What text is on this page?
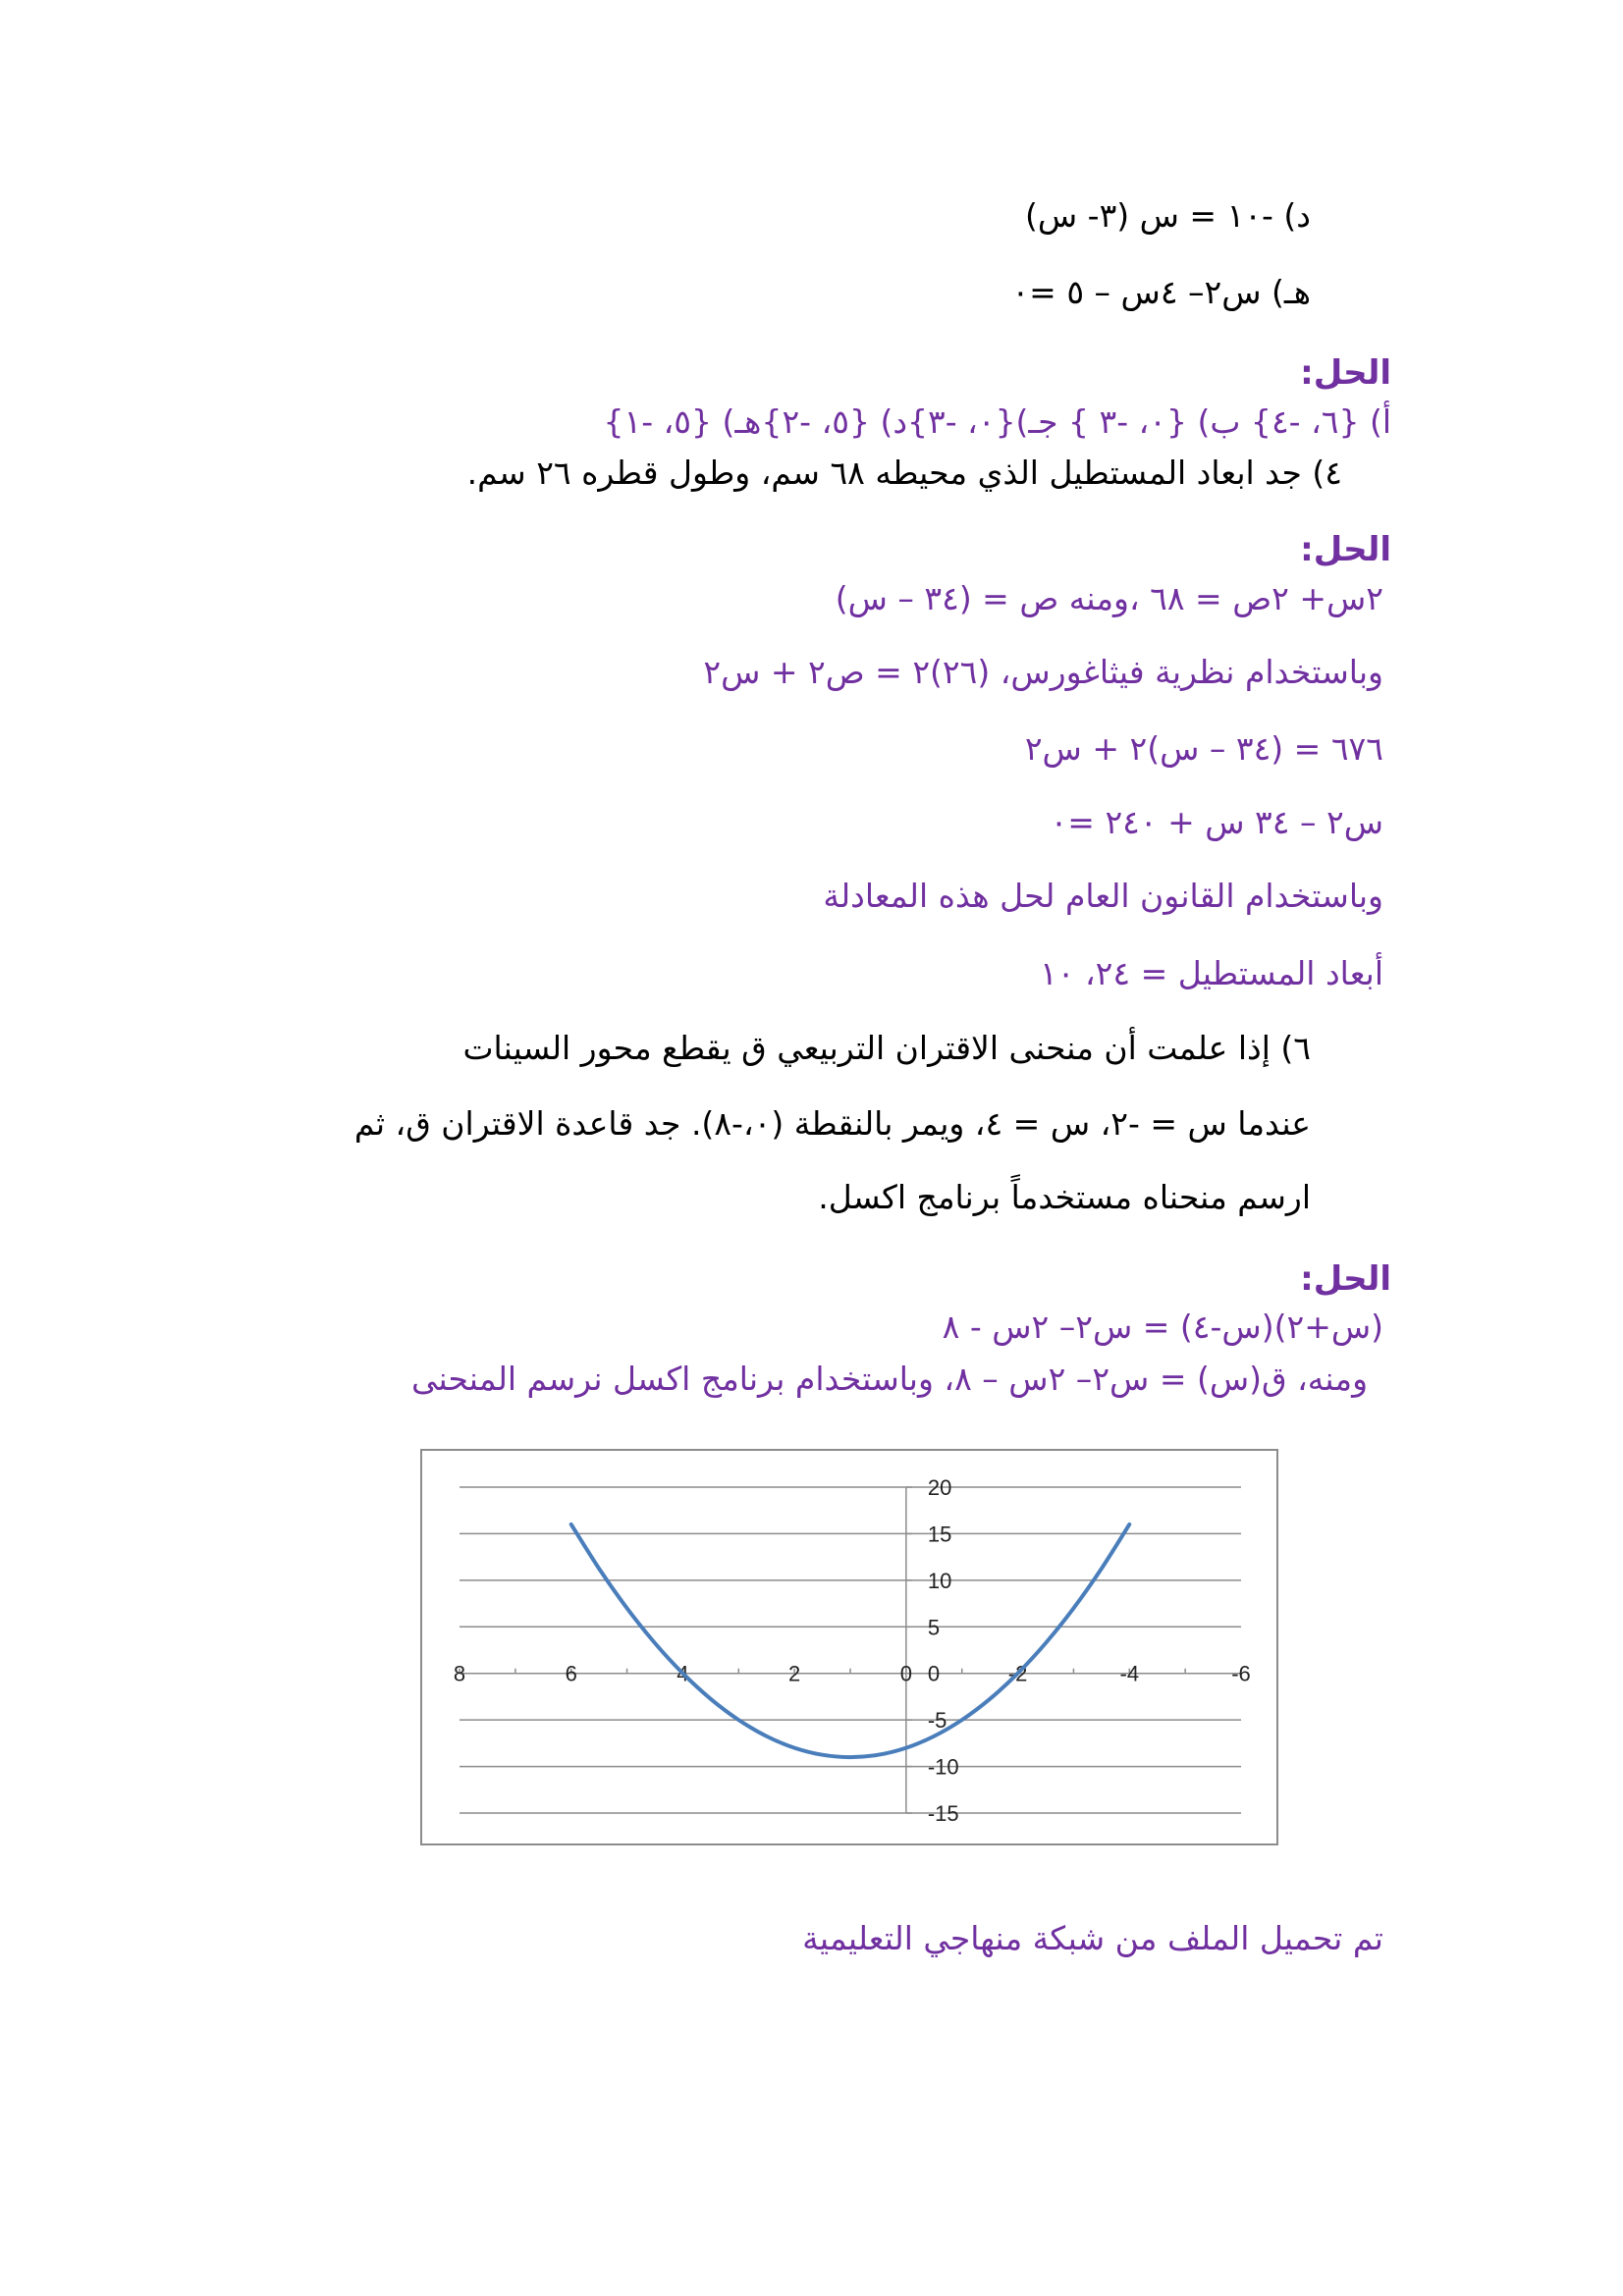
د) -١٠ = س (٣- س)
هـ) س٢– ٤س – ٥ =٠
الحل:
أ) {٦، -٤} ب) {٠، -٣ } جـ){٠، -٣}د) {٥، -٢}هـ) {٥، -١}
٤) جد ابعاد المستطيل الذي محيطه ٦٨ سم، وطول قطره ٢٦ سم.
الحل:
٢س+ ٢ص = ٦٨ ،ومنه ص = (٣٤ – س)
وباستخدام نظرية فيثاغورس، (٢٦)٢ = ص٢ + س٢
٦٧٦ = (٣٤ – س)٢ + س٢
س٢ – ٣٤ س + ٢٤٠ =٠
وباستخدام القانون العام لحل هذه المعادلة
أبعاد المستطيل = ٢٤، ١٠
٦) إذا علمت أن منحنى الاقتران التربيعي ق يقطع محور السينات
عندما س = -٢، س = ٤، ويمر بالنقطة (٠،-٨). جد قاعدة الاقتران ق، ثم
ارسم منحناه مستخدماً برنامج اكسل.
الحل:
(س+٢)(س-٤) = س٢– ٢س - ٨
ومنه، ق(س) = س٢– ٢س – ٨، وباستخدام برنامج اكسل نرسم المنحنى
8	6	4	2	0	-2	-4	-6
20
15
10
5
0
-5
-10
-15
تم تحميل الملف من شبكة منهاجي التعليمية
